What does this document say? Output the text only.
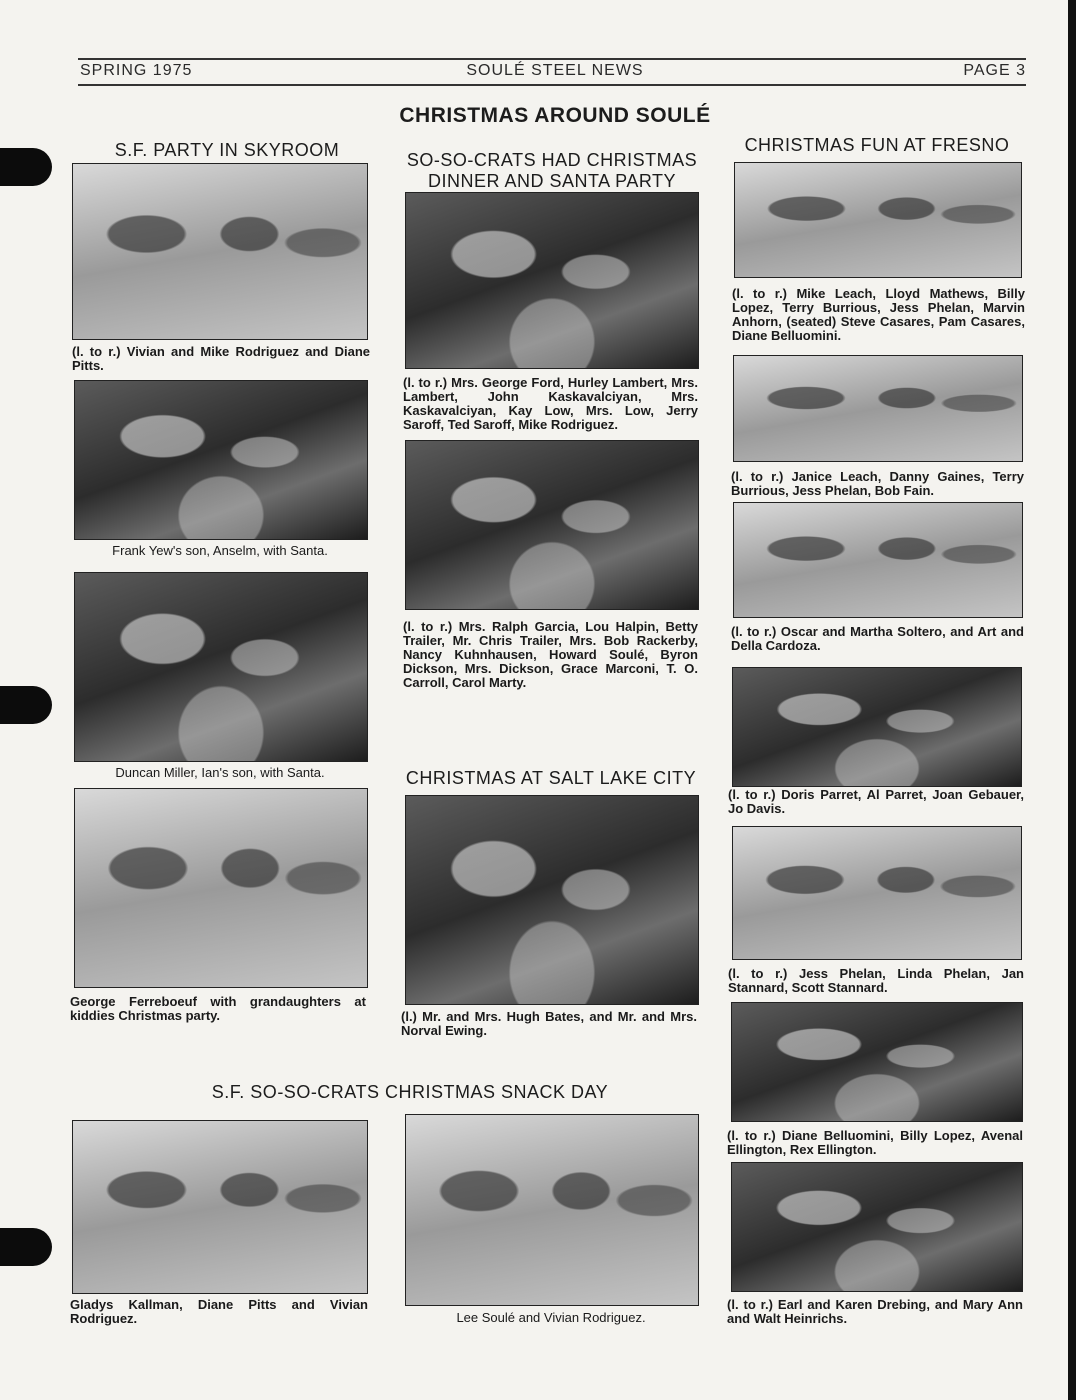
SPRING 1975	SOULÉ STEEL NEWS	PAGE 3
CHRISTMAS AROUND SOULÉ
S.F. PARTY IN SKYROOM
(l. to r.) Vivian and Mike Rodriguez and Diane Pitts.
Frank Yew's son, Anselm, with Santa.
Duncan Miller, Ian's son, with Santa.
George Ferreboeuf with grandaughters at kiddies Christmas party.
SO-SO-CRATS HAD CHRISTMAS
DINNER AND SANTA PARTY
(l. to r.) Mrs. George Ford, Hurley Lambert, Mrs. Lambert, John Kaskavalciyan, Mrs. Kaskavalciyan, Kay Low, Mrs. Low, Jerry Saroff, Ted Saroff, Mike Rodriguez.
(l. to r.) Mrs. Ralph Garcia, Lou Halpin, Betty Trailer, Mr. Chris Trailer, Mrs. Bob Rackerby, Nancy Kuhnhausen, Howard Soulé, Byron Dickson, Mrs. Dickson, Grace Marconi, T. O. Carroll, Carol Marty.
CHRISTMAS AT SALT LAKE CITY
(l.) Mr. and Mrs. Hugh Bates, and Mr. and Mrs. Norval Ewing.
CHRISTMAS FUN AT FRESNO
(l. to r.) Mike Leach, Lloyd Mathews, Billy Lopez, Terry Burrious, Jess Phelan, Marvin Anhorn, (seated) Steve Casares, Pam Casares, Diane Belluomini.
(l. to r.) Janice Leach, Danny Gaines, Terry Burrious, Jess Phelan, Bob Fain.
(l. to r.) Oscar and Martha Soltero, and Art and Della Cardoza.
(l. to r.) Doris Parret, Al Parret, Joan Gebauer, Jo Davis.
(l. to r.) Jess Phelan, Linda Phelan, Jan Stannard, Scott Stannard.
(l. to r.) Diane Belluomini, Billy Lopez, Avenal Ellington, Rex Ellington.
(l. to r.) Earl and Karen Drebing, and Mary Ann and Walt Heinrichs.
S.F. SO-SO-CRATS CHRISTMAS SNACK DAY
Gladys Kallman, Diane Pitts and Vivian Rodriguez.	Lee Soulé and Vivian Rodriguez.
